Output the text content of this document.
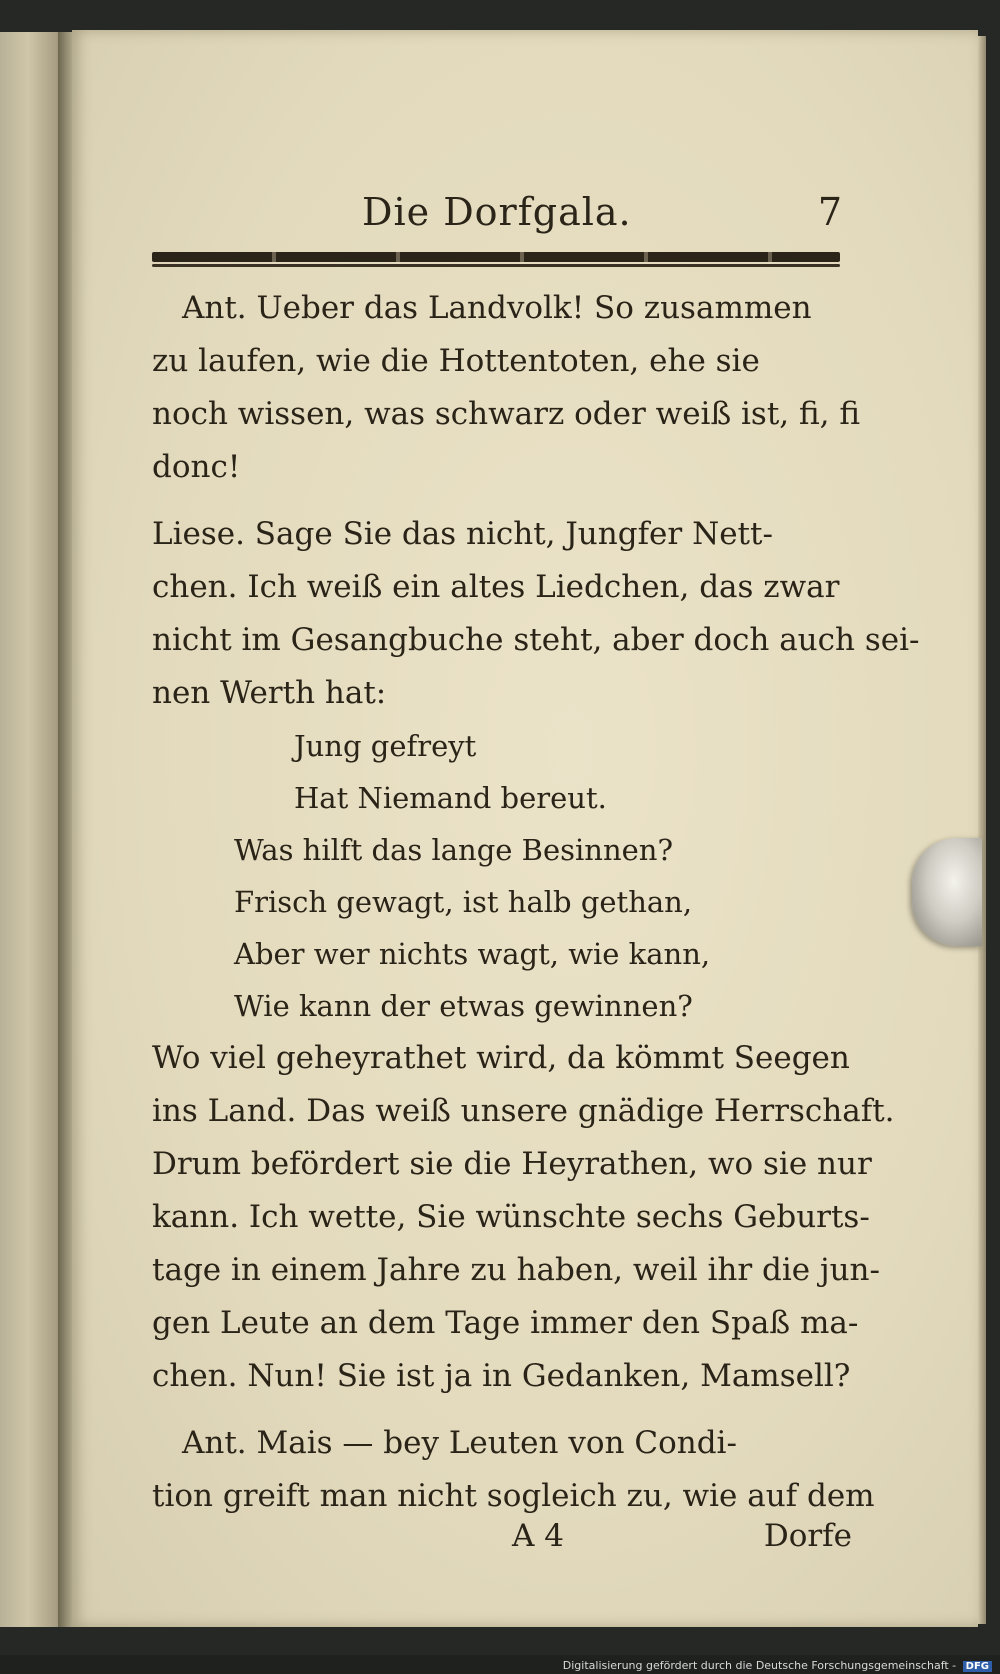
Die Dorfgala.	7
Ant. Ueber das Landvolk! So zusammen
zu laufen, wie die Hottentoten, ehe sie
noch wissen, was schwarz oder weiß ist, fi, fi
donc!
Liese. Sage Sie das nicht, Jungfer Nett-
chen. Ich weiß ein altes Liedchen, das zwar
nicht im Gesangbuche steht, aber doch auch sei-
nen Werth hat:
Jung gefreyt
Hat Niemand bereut.
Was hilft das lange Besinnen?
Frisch gewagt, ist halb gethan,
Aber wer nichts wagt, wie kann,
Wie kann der etwas gewinnen?
Wo viel geheyrathet wird, da kömmt Seegen
ins Land. Das weiß unsere gnädige Herrschaft.
Drum befördert sie die Heyrathen, wo sie nur
kann. Ich wette, Sie wünschte sechs Geburts-
tage in einem Jahre zu haben, weil ihr die jun-
gen Leute an dem Tage immer den Spaß ma-
chen. Nun! Sie ist ja in Gedanken, Mamsell?
Ant. Mais — bey Leuten von Condi-
tion greift man nicht sogleich zu, wie auf dem
A 4	Dorfe
Digitalisierung gefördert durch die Deutsche Forschungsgemeinschaft - DFG
